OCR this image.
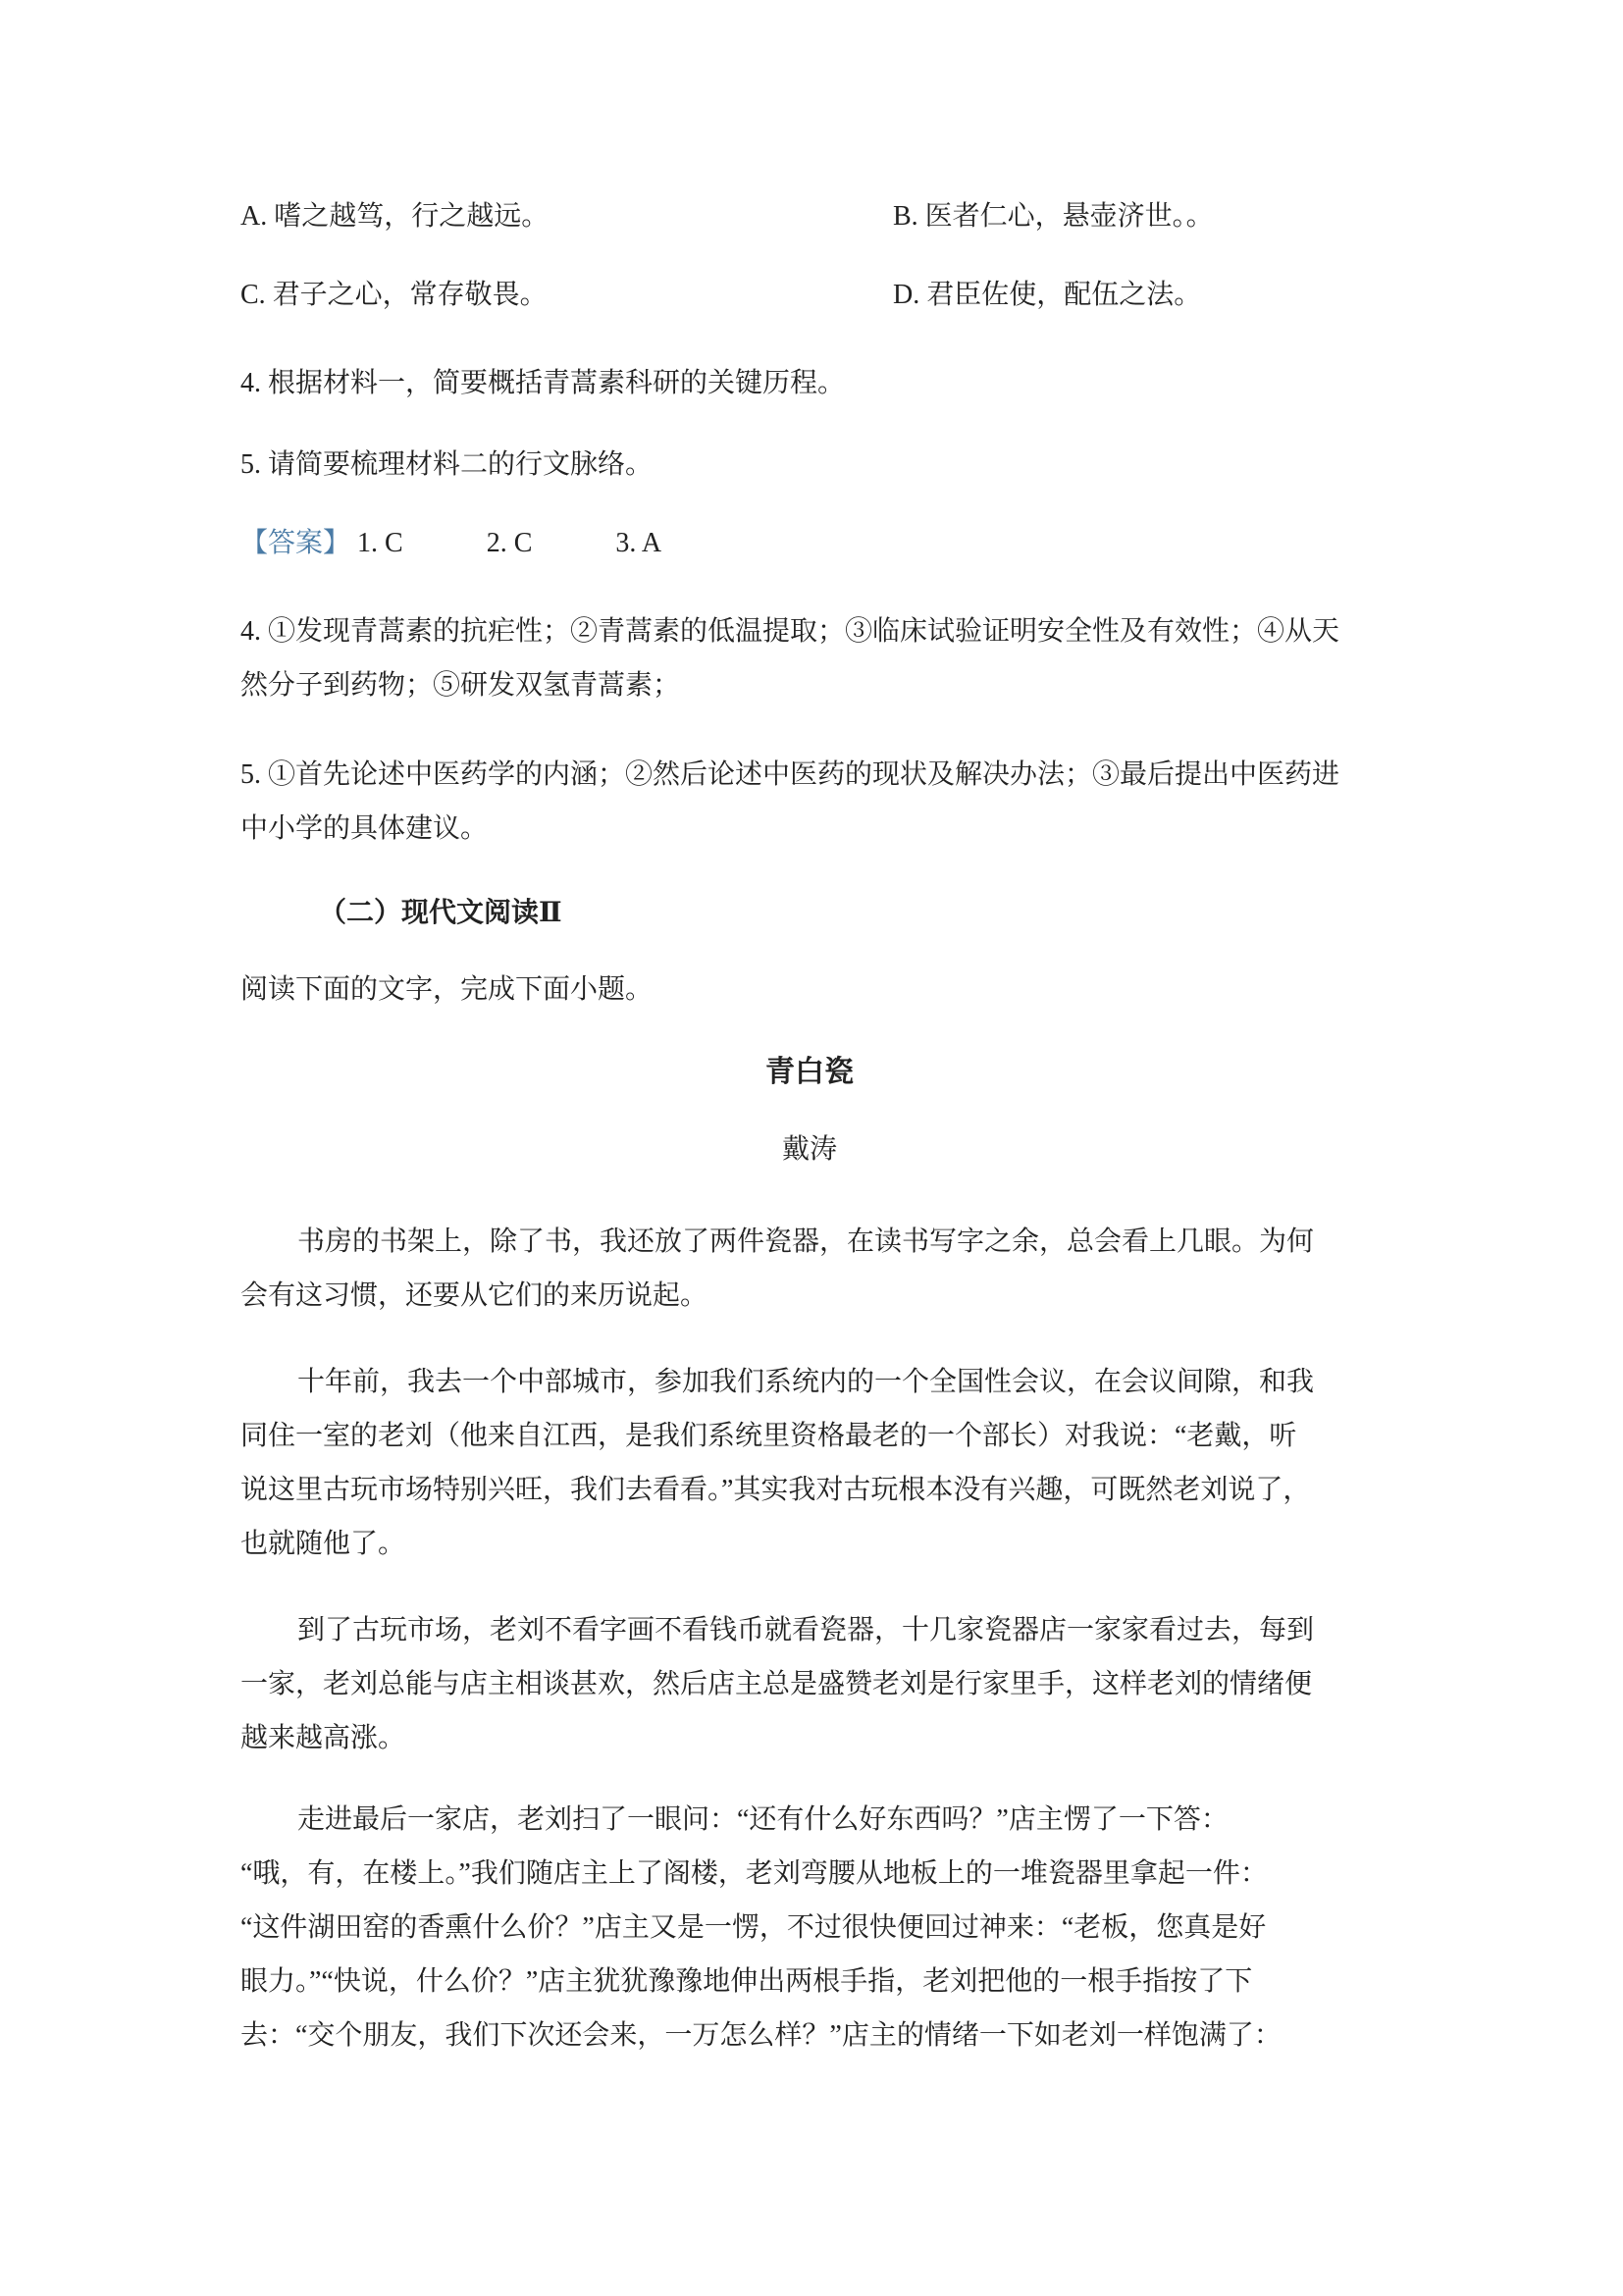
A. 嗜之越笃，行之越远。	B. 医者仁心，悬壶济世。。
C. 君子之心，常存敬畏。	D. 君臣佐使，配伍之法。
4. 根据材料一，简要概括青蒿素科研的关键历程。
5. 请简要梳理材料二的行文脉络。
【答案】 1. C	2. C	3. A
4. ①发现青蒿素的抗疟性；②青蒿素的低温提取；③临床试验证明安全性及有效性；④从天
然分子到药物；⑤研发双氢青蒿素；
5. ①首先论述中医药学的内涵；②然后论述中医药的现状及解决办法；③最后提出中医药进
中小学的具体建议。
（二）现代文阅读Ⅱ
阅读下面的文字，完成下面小题。
青白瓷
戴涛
书房的书架上，除了书，我还放了两件瓷器，在读书写字之余，总会看上几眼。为何
会有这习惯，还要从它们的来历说起。
十年前，我去一个中部城市，参加我们系统内的一个全国性会议，在会议间隙，和我
同住一室的老刘（他来自江西，是我们系统里资格最老的一个部长）对我说：“老戴，听
说这里古玩市场特别兴旺，我们去看看。”其实我对古玩根本没有兴趣，可既然老刘说了，
也就随他了。
到了古玩市场，老刘不看字画不看钱币就看瓷器，十几家瓷器店一家家看过去，每到
一家，老刘总能与店主相谈甚欢，然后店主总是盛赞老刘是行家里手，这样老刘的情绪便
越来越高涨。
走进最后一家店，老刘扫了一眼问：“还有什么好东西吗？”店主愣了一下答：
“哦，有，在楼上。”我们随店主上了阁楼，老刘弯腰从地板上的一堆瓷器里拿起一件：
“这件湖田窑的香熏什么价？”店主又是一愣，不过很快便回过神来：“老板，您真是好
眼力。”“快说，什么价？”店主犹犹豫豫地伸出两根手指，老刘把他的一根手指按了下
去：“交个朋友，我们下次还会来，一万怎么样？”店主的情绪一下如老刘一样饱满了：
